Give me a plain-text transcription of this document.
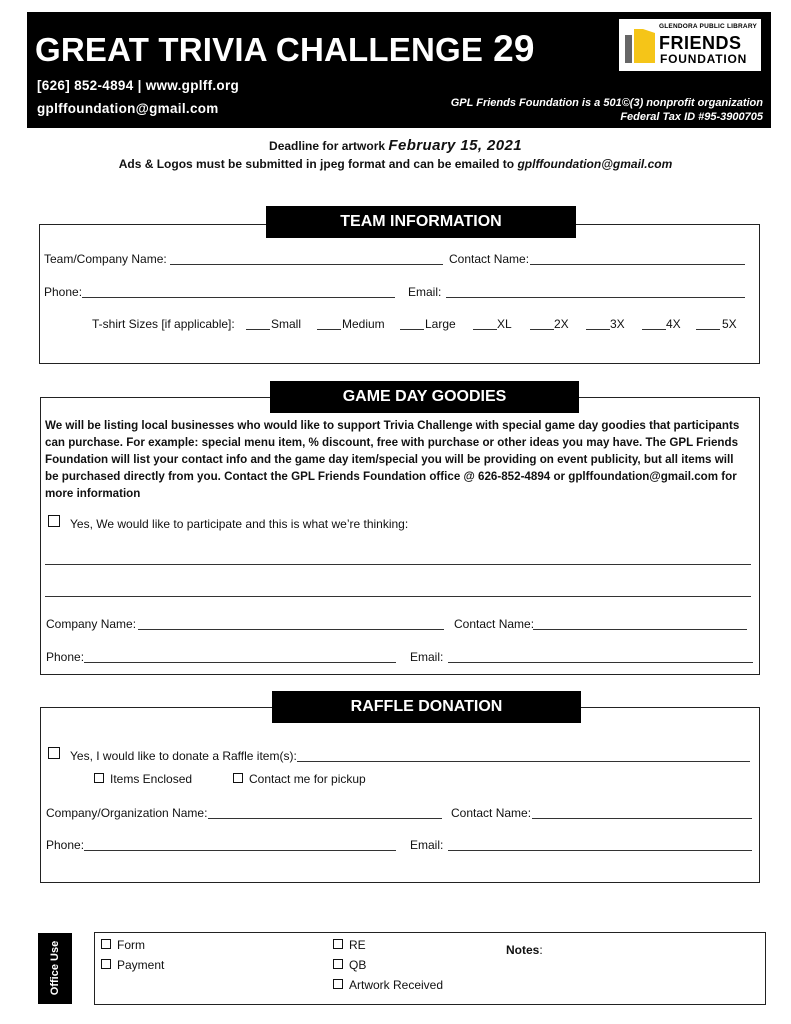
GREAT TRIVIA CHALLENGE 29
[626] 852-4894 | www.gplff.org
gplffoundation@gmail.com	GPL Friends Foundation is a 501©(3) nonprofit organization
Federal Tax ID #95-3900705
GLENDORA PUBLIC LIBRARY
FRIENDS
FOUNDATION
Deadline for artwork February 15, 2021
Ads & Logos must be submitted in jpeg format and can be emailed to gplffoundation@gmail.com
TEAM INFORMATION
Team/Company Name:	Contact Name:
Phone:	Email:
T-shirt Sizes [if applicable]:	Small	Medium	Large	XL	2X	3X	4X	5X
GAME DAY GOODIES
We will be listing local businesses who would like to support Trivia Challenge with special game day goodies that participants can purchase. For example: special menu item, % discount, free with purchase or other ideas you may have. The GPL Friends Foundation will list your contact info and the game day item/special you will be providing on event publicity, but all items will be purchased directly from you. Contact the GPL Friends Foundation office @ 626-852-4894 or gplffoundation@gmail.com for more information
Yes, We would like to participate and this is what we’re thinking:
Company Name:	Contact Name:
Phone:	Email:
RAFFLE DONATION
Yes, I would like to donate a Raffle item(s):
Items Enclosed	Contact me for pickup
Company/Organization Name:	Contact Name:
Phone:	Email:
Office Use	Form
Payment
RE
QB
Artwork Received
Notes:
